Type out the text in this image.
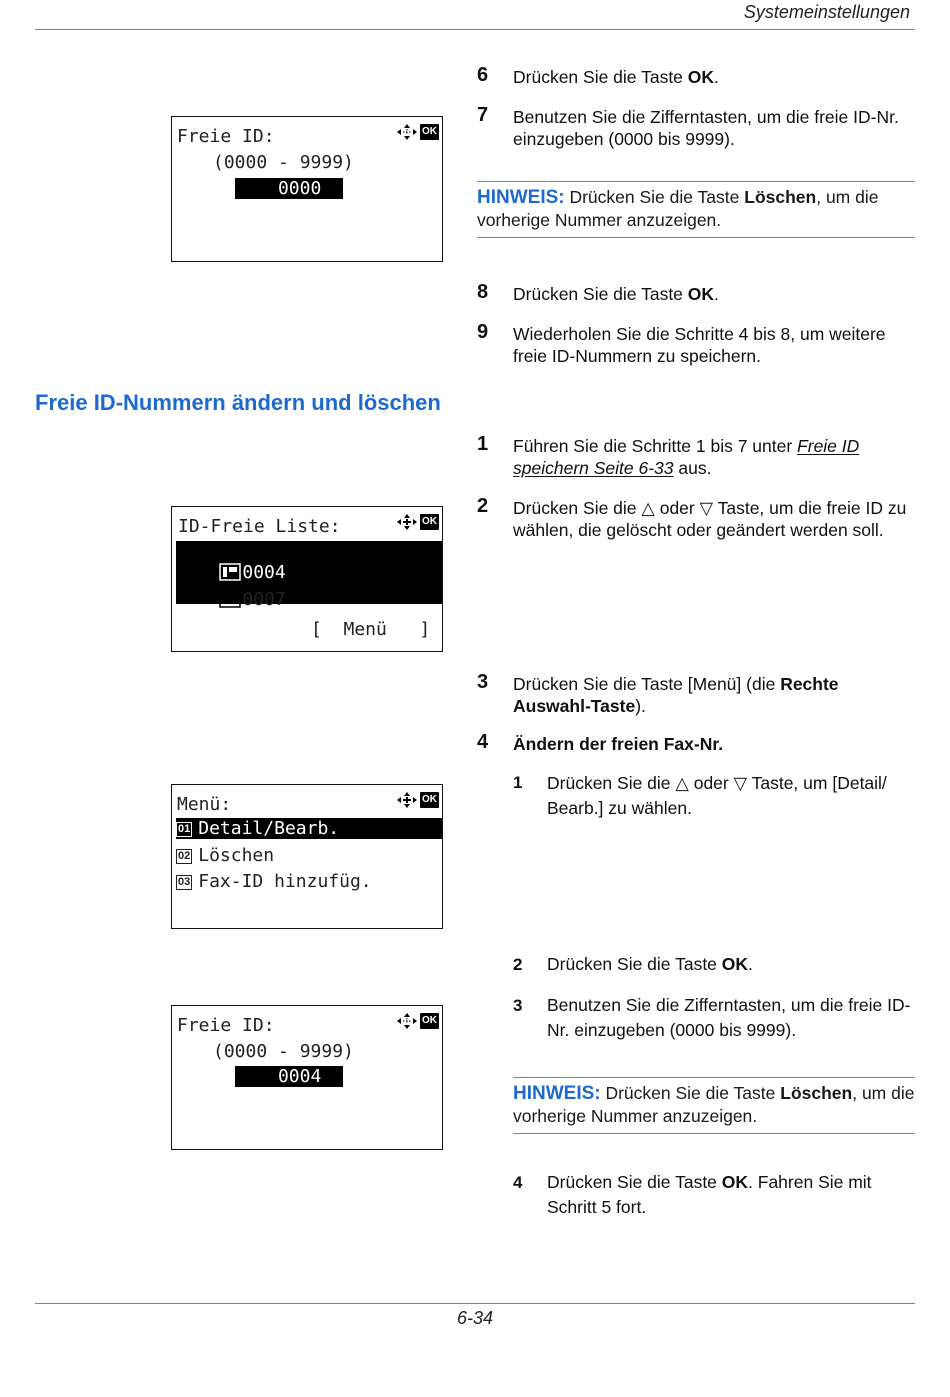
Systemeinstellungen
6 Drücken Sie die Taste OK.
7 Benutzen Sie die Zifferntasten, um die freie ID-Nr. einzugeben (0000 bis 9999).
HINWEIS: Drücken Sie die Taste Löschen, um die vorherige Nummer anzuzeigen.
Freie ID:	OK
(0000 - 9999)
0000
8 Drücken Sie die Taste OK.
9 Wiederholen Sie die Schritte 4 bis 8, um weitere freie ID-Nummern zu speichern.
Freie ID-Nummern ändern und löschen
1 Führen Sie die Schritte 1 bis 7 unter Freie ID speichern Seite 6-33 aus.
2 Drücken Sie die △ oder ▽ Taste, um die freie ID zu wählen, die gelöscht oder geändert werden soll.
ID-Freie Liste:	OK

0004

0007

[  Menü   ]
3 Drücken Sie die Taste [Menü] (die Rechte Auswahl-Taste).
4 Ändern der freien Fax-Nr.
1 Drücken Sie die △ oder ▽ Taste, um [Detail/ Bearb.] zu wählen.
Menü:	OK
01 Detail/Bearb.
02 Löschen
03 Fax-ID hinzufüg.
2 Drücken Sie die Taste OK.
3 Benutzen Sie die Zifferntasten, um die freie ID-Nr. einzugeben (0000 bis 9999).
Freie ID:	OK
(0000 - 9999)
0004
HINWEIS: Drücken Sie die Taste Löschen, um die vorherige Nummer anzuzeigen.
4 Drücken Sie die Taste OK. Fahren Sie mit Schritt 5 fort.
6-34
